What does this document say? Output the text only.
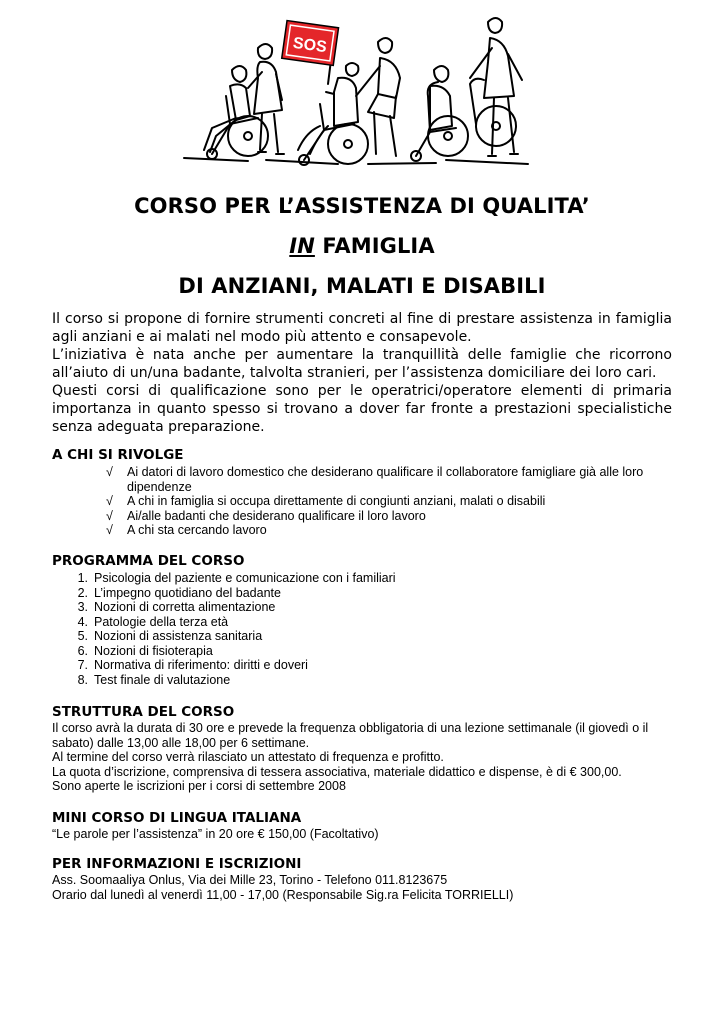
SOS
CORSO PER L’ASSISTENZA DI QUALITA’
IN FAMIGLIA
DI ANZIANI, MALATI E DISABILI

Il corso si propone di fornire strumenti concreti al fine di prestare assistenza in famiglia agli anziani e ai malati nel modo più attento e consapevole.

L’iniziativa è nata anche per aumentare la tranquillità delle famiglie che ricorrono all’aiuto di un/una badante, talvolta stranieri, per l’assistenza domiciliare dei loro cari.

Questi corsi di qualificazione sono per le operatrici/operatore elementi di primaria importanza in quanto spesso si trovano a dover far fronte a prestazioni specialistiche senza adeguata preparazione.

A CHI SI RIVOLGE
√ Ai datori di lavoro domestico che desiderano qualificare il collaboratore famigliare già alle loro dipendenze
√ A chi in famiglia si occupa direttamente di congiunti anziani, malati o disabili
√ Ai/alle badanti che desiderano qualificare il loro lavoro
√ A chi sta cercando lavoro
PROGRAMMA DEL CORSO
1. Psicologia del paziente e comunicazione con i familiari
2. L’impegno quotidiano del badante
3. Nozioni di corretta alimentazione
4. Patologie della terza età
5. Nozioni di assistenza sanitaria
6. Nozioni di fisioterapia
7. Normativa di riferimento: diritti e doveri
8. Test finale di valutazione
STRUTTURA DEL CORSO
Il corso avrà la durata di 30 ore e prevede la frequenza obbligatoria di una lezione settimanale (il giovedì o il sabato) dalle 13,00 alle 18,00 per 6 settimane.
Al termine del corso verrà rilasciato un attestato di frequenza e profitto.
La quota d’iscrizione, comprensiva di tessera associativa, materiale didattico e dispense, è di € 300,00.
Sono aperte le iscrizioni per i corsi di settembre 2008
MINI CORSO DI LINGUA ITALIANA
“Le parole per l’assistenza” in 20 ore € 150,00 (Facoltativo)
PER INFORMAZIONI E ISCRIZIONI
Ass. Soomaaliya Onlus, Via dei Mille 23, Torino - Telefono 011.8123675
Orario dal lunedì al venerdì 11,00 - 17,00 (Responsabile Sig.ra Felicita TORRIELLI)
